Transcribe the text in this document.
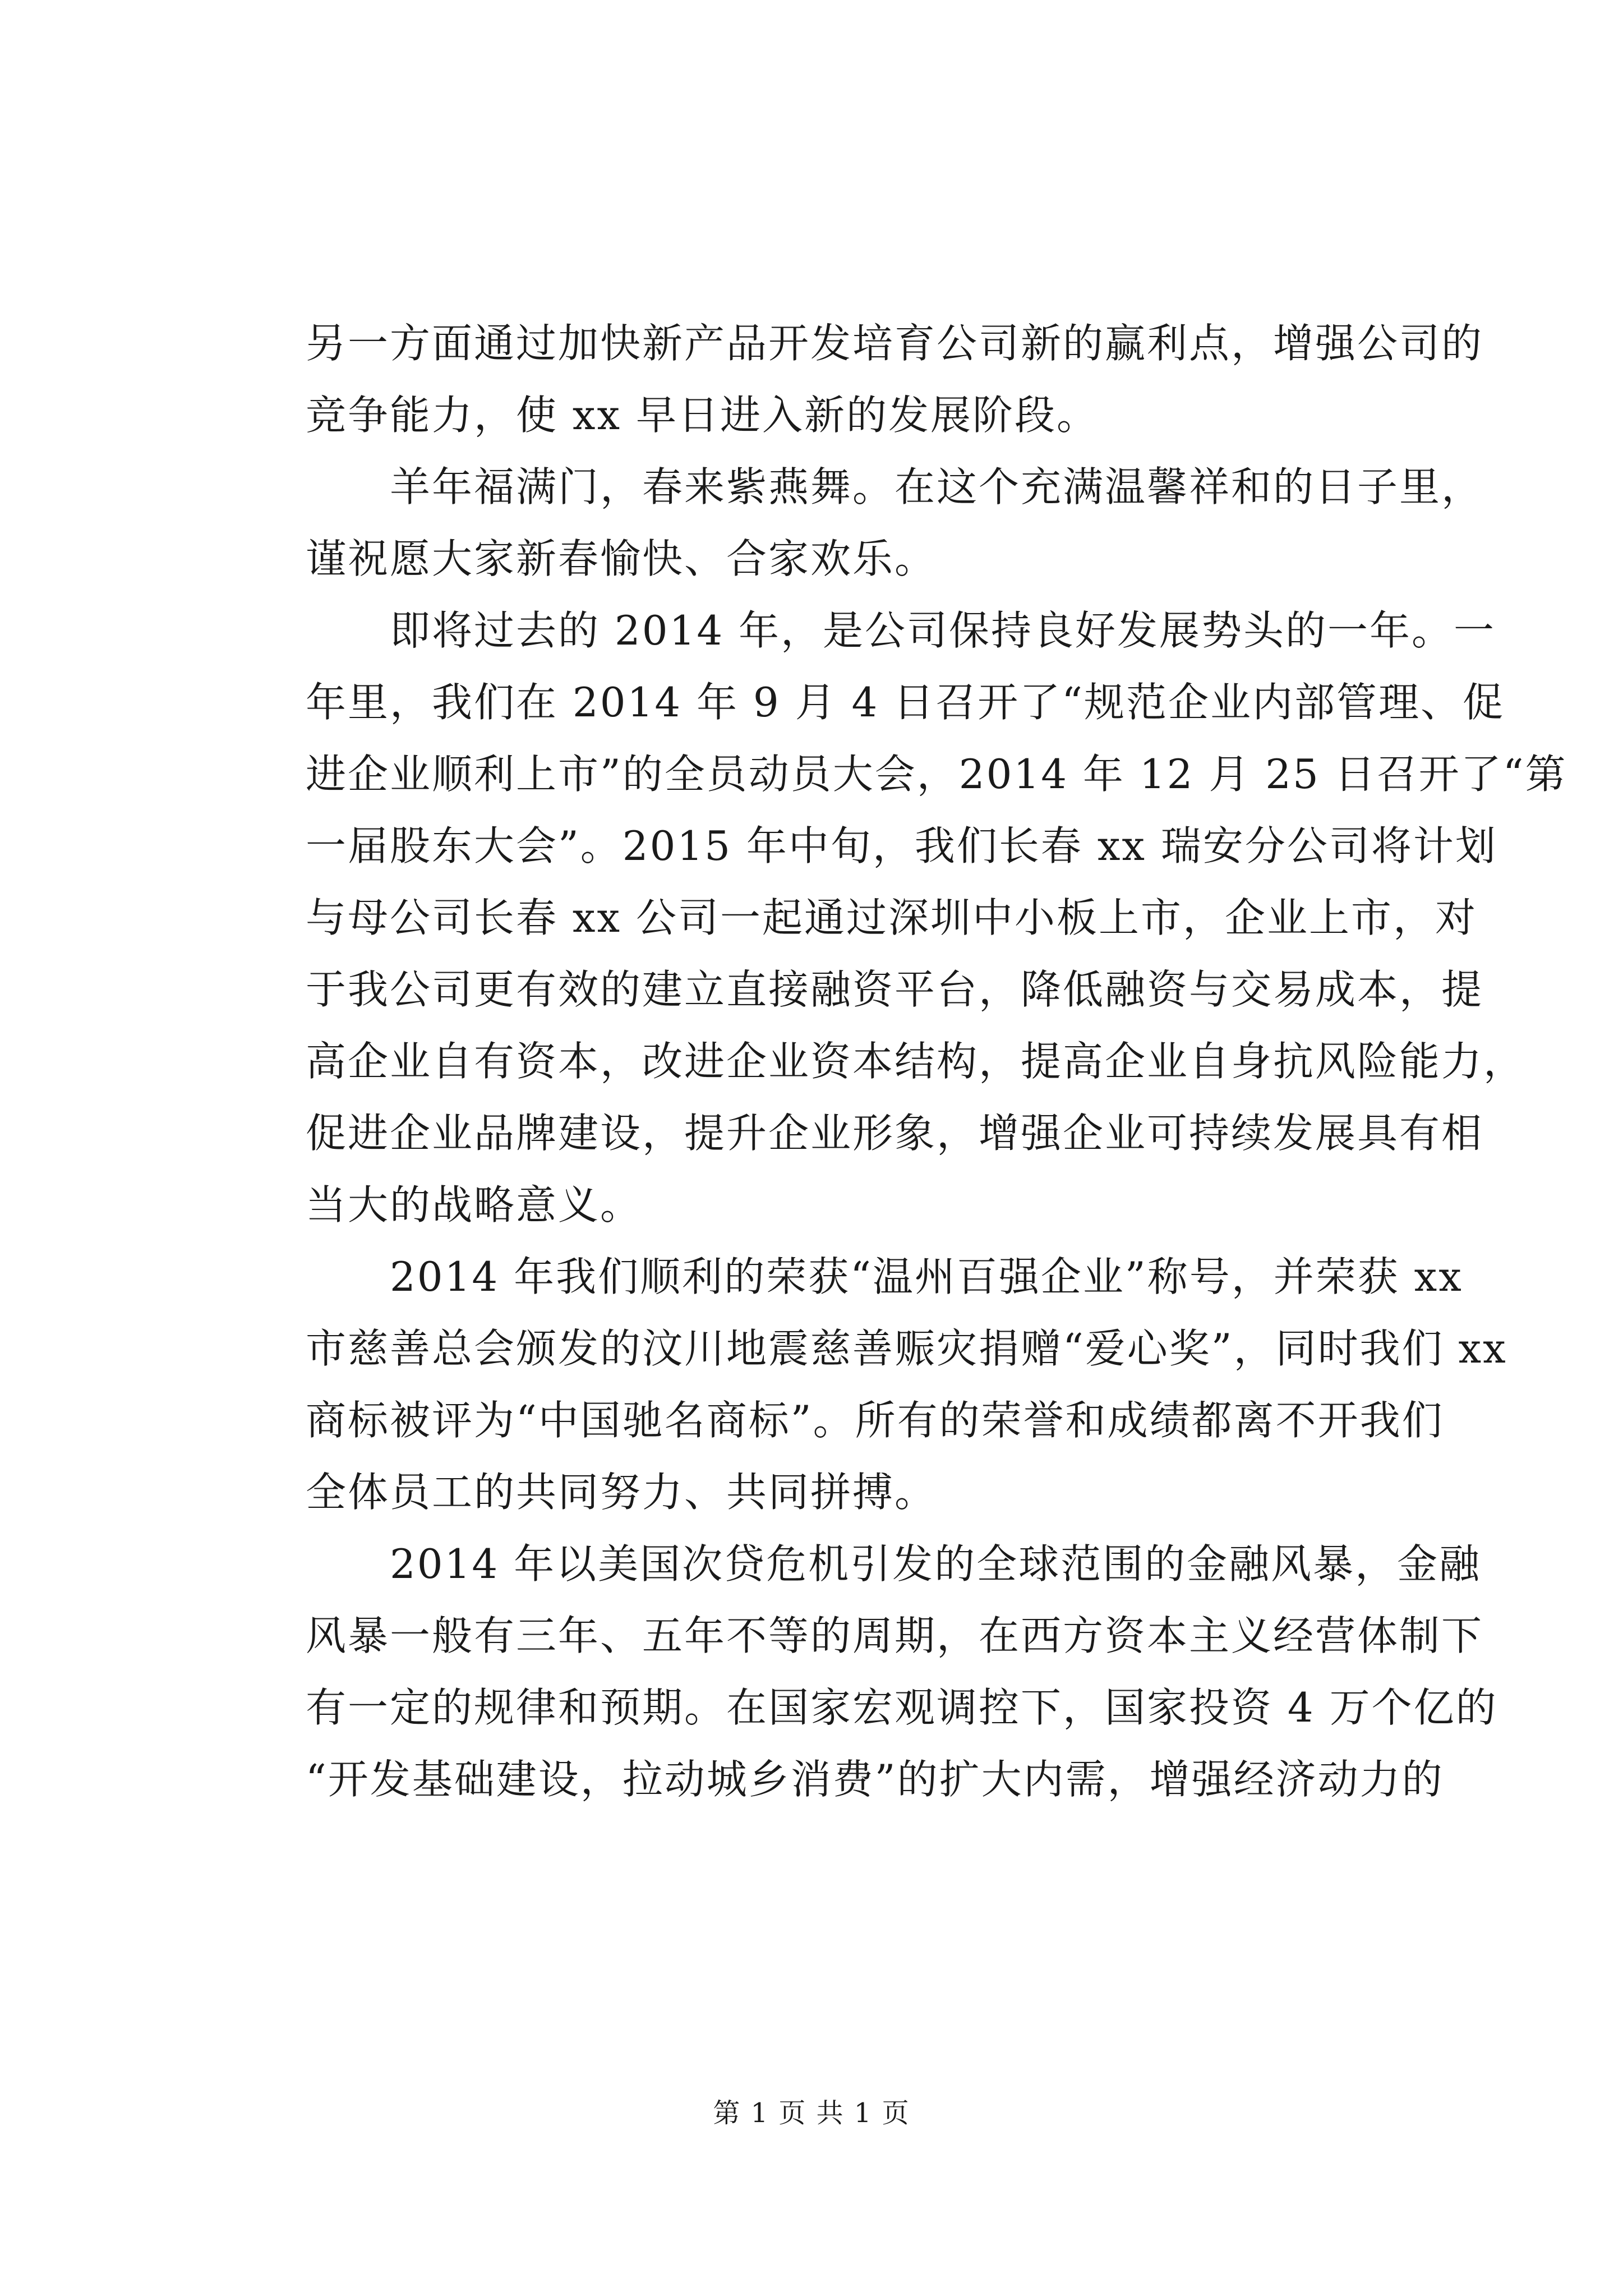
另一方面通过加快新产品开发培育公司新的赢利点，增强公司的
竞争能力，使 xx 早日进入新的发展阶段。
羊年福满门，春来紫燕舞。在这个充满温馨祥和的日子里，
谨祝愿大家新春愉快、合家欢乐。
即将过去的 2014 年，是公司保持良好发展势头的一年。一
年里，我们在 2014 年 9 月 4 日召开了“规范企业内部管理、促
进企业顺利上市”的全员动员大会，2014 年 12 月 25 日召开了“第
一届股东大会”。2015 年中旬，我们长春 xx 瑞安分公司将计划
与母公司长春 xx 公司一起通过深圳中小板上市，企业上市，对
于我公司更有效的建立直接融资平台，降低融资与交易成本，提
高企业自有资本，改进企业资本结构，提高企业自身抗风险能力，
促进企业品牌建设，提升企业形象，增强企业可持续发展具有相
当大的战略意义。
2014 年我们顺利的荣获“温州百强企业”称号，并荣获 xx
市慈善总会颁发的汶川地震慈善赈灾捐赠“爱心奖”，同时我们 xx
商标被评为“中国驰名商标”。所有的荣誉和成绩都离不开我们
全体员工的共同努力、共同拼搏。
2014 年以美国次贷危机引发的全球范围的金融风暴，金融
风暴一般有三年、五年不等的周期，在西方资本主义经营体制下
有一定的规律和预期。在国家宏观调控下，国家投资 4 万个亿的
“开发基础建设，拉动城乡消费”的扩大内需，增强经济动力的
第 1 页 共 1 页
